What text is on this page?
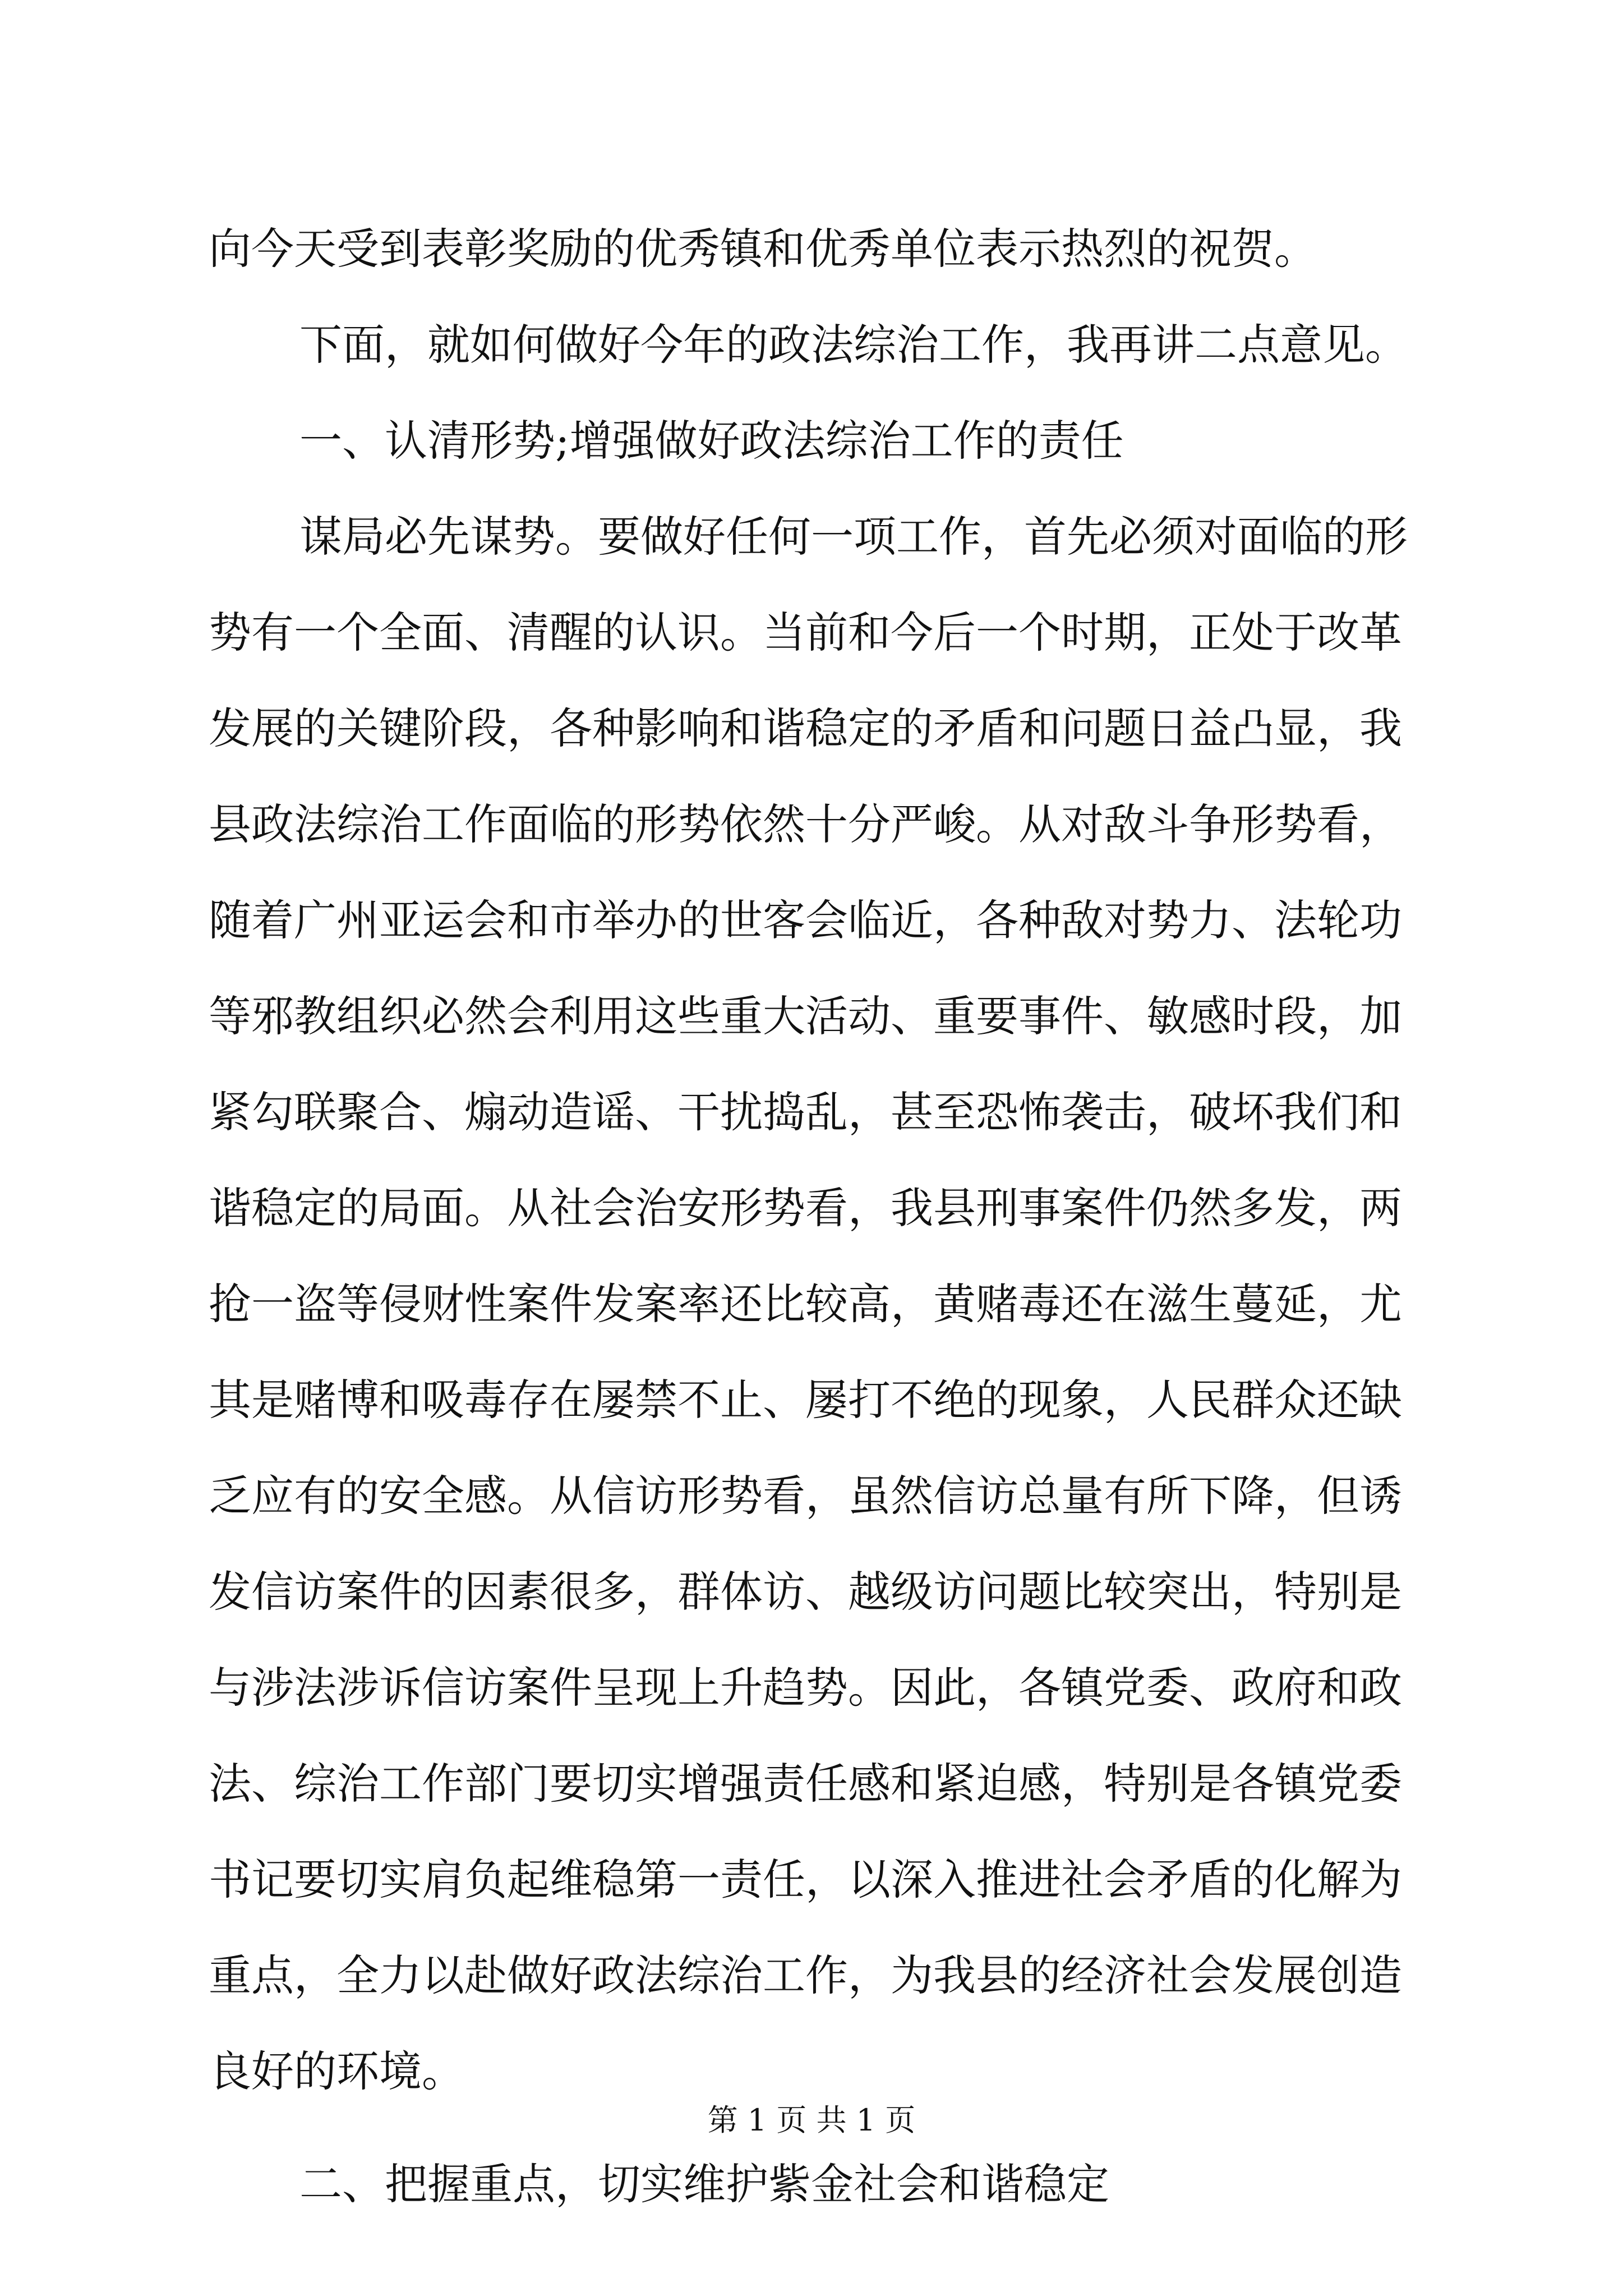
向今天受到表彰奖励的优秀镇和优秀单位表示热烈的祝贺。
下面，就如何做好今年的政法综治工作，我再讲二点意见。
一、认清形势;增强做好政法综治工作的责任
谋局必先谋势。要做好任何一项工作，首先必须对面临的形
势有一个全面、清醒的认识。当前和今后一个时期，正处于改革
发展的关键阶段，各种影响和谐稳定的矛盾和问题日益凸显，我
县政法综治工作面临的形势依然十分严峻。从对敌斗争形势看，
随着广州亚运会和市举办的世客会临近，各种敌对势力、法轮功
等邪教组织必然会利用这些重大活动、重要事件、敏感时段，加
紧勾联聚合、煽动造谣、干扰捣乱，甚至恐怖袭击，破坏我们和
谐稳定的局面。从社会治安形势看，我县刑事案件仍然多发，两
抢一盗等侵财性案件发案率还比较高，黄赌毒还在滋生蔓延，尤
其是赌博和吸毒存在屡禁不止、屡打不绝的现象，人民群众还缺
乏应有的安全感。从信访形势看，虽然信访总量有所下降，但诱
发信访案件的因素很多，群体访、越级访问题比较突出，特别是
与涉法涉诉信访案件呈现上升趋势。因此，各镇党委、政府和政
法、综治工作部门要切实增强责任感和紧迫感，特别是各镇党委
书记要切实肩负起维稳第一责任，以深入推进社会矛盾的化解为
重点，全力以赴做好政法综治工作，为我县的经济社会发展创造
良好的环境。
二、把握重点，切实维护紫金社会和谐稳定
第 1 页 共 1 页
